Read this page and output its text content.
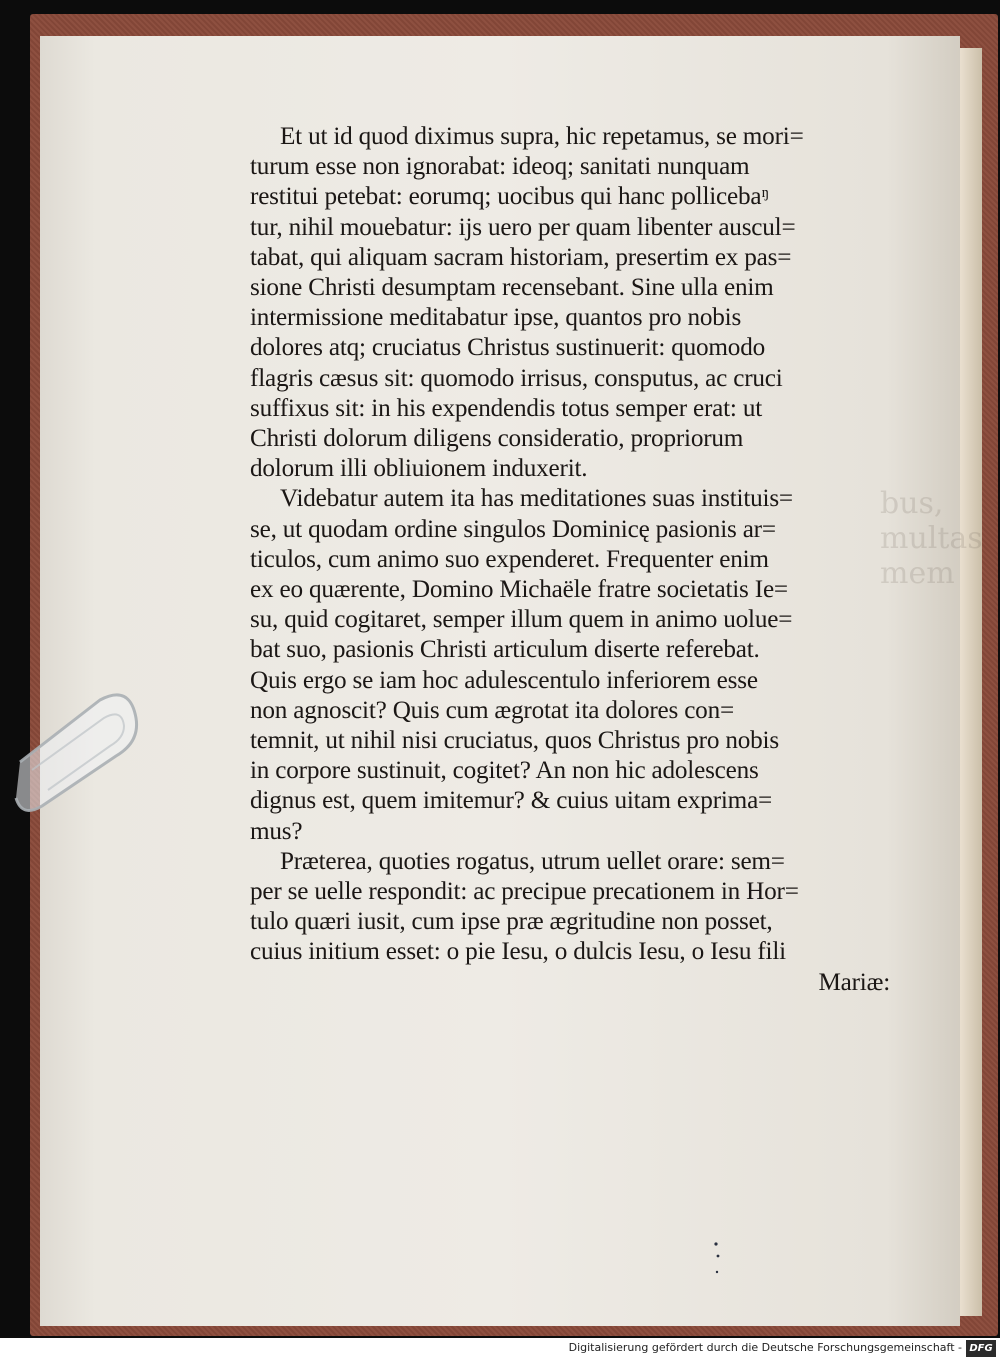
bus, multas mem
Et ut id quod diximus supra, hic repetamus, se mori=
turum esse non ignorabat: ideoq; sanitati nunquam
restitui petebat: eorumq; uocibus qui hanc pollicebaᵑ
tur, nihil mouebatur: ijs uero per quam libenter auscul=
tabat, qui aliquam sacram historiam, presertim ex pas=
sione Christi desumptam recensebant. Sine ulla enim
intermissione meditabatur ipse, quantos pro nobis
dolores atq; cruciatus Christus sustinuerit: quomodo
flagris cæsus sit: quomodo irrisus, consputus, ac cruci
suffixus sit: in his expendendis totus semper erat: ut
Christi dolorum diligens consideratio, propriorum
dolorum illi obliuionem induxerit.
Videbatur autem ita has meditationes suas instituis=
se, ut quodam ordine singulos Dominicę pasionis ar=
ticulos, cum animo suo expenderet. Frequenter enim
ex eo quærente, Domino Michaële fratre societatis Ie=
su, quid cogitaret, semper illum quem in animo uolue=
bat suo, pasionis Christi articulum diserte referebat.
Quis ergo se iam hoc adulescentulo inferiorem esse
non agnoscit? Quis cum ægrotat ita dolores con=
temnit, ut nihil nisi cruciatus, quos Christus pro nobis
in corpore sustinuit, cogitet? An non hic adolescens
dignus est, quem imitemur? & cuius uitam exprima=
mus?
Præterea, quoties rogatus, utrum uellet orare: sem=
per se uelle respondit: ac precipue precationem in Hor=
tulo quæri iusit, cum ipse præ ægritudine non posset,
cuius initium esset: o pie Iesu, o dulcis Iesu, o Iesu fili
Mariæ:
Digitalisierung gefördert durch die Deutsche Forschungsgemeinschaft - DFG
